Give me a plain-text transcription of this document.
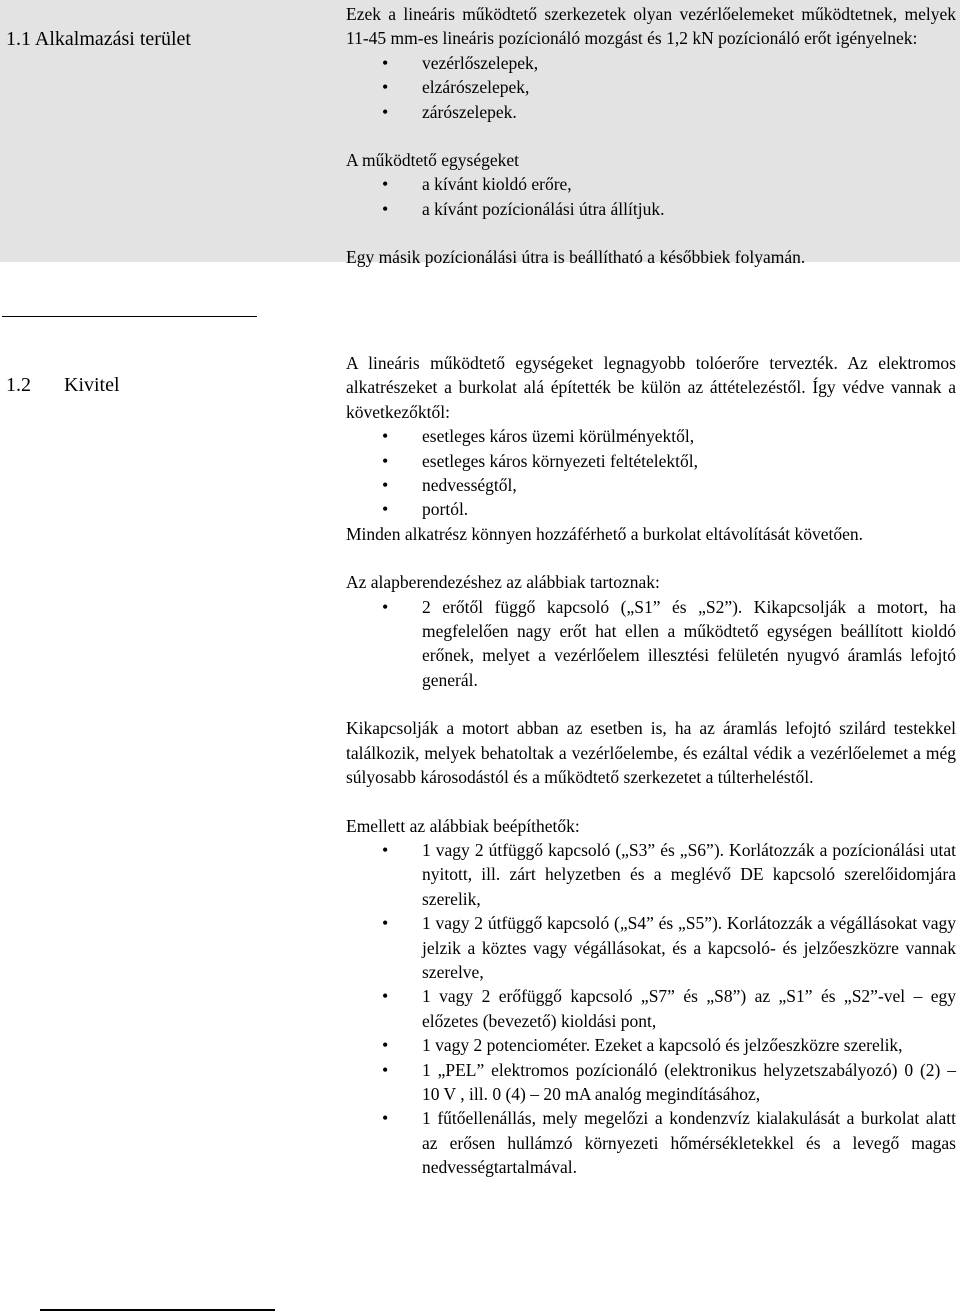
1.1 Alkalmazási terület

Ezek a lineáris működtető szerkezetek olyan vezérlőelemeket működtetnek, melyek 11-45 mm-es lineáris pozícionáló mozgást és 1,2 kN pozícionáló erőt igényelnek:

• vezérlőszelepek,
• elzárószelepek,
• zárószelepek.

A működtető egységeket

• a kívánt kioldó erőre,
• a kívánt pozícionálási útra állítjuk.

Egy másik pozícionálási útra is beállítható a későbbiek folyamán.

1.2 Kivitel

A lineáris működtető egységeket legnagyobb tolóerőre tervezték. Az elektromos alkatrészeket a burkolat alá építették be külön az áttételezéstől. Így védve vannak a következőktől:

• esetleges káros üzemi körülményektől,
• esetleges káros környezeti feltételektől,
• nedvességtől,
• portól.

Minden alkatrész könnyen hozzáférhető a burkolat eltávolítását követően.

Az alapberendezéshez az alábbiak tartoznak:

• 2 erőtől függő kapcsoló („S1” és „S2”). Kikapcsolják a motort, ha megfelelően nagy erőt hat ellen a működtető egységen beállított kioldó erőnek, melyet a vezérlőelem illesztési felületén nyugvó áramlás lefojtó generál.

Kikapcsolják a motort abban az esetben is, ha az áramlás lefojtó szilárd testekkel találkozik, melyek behatoltak a vezérlőelembe, és ezáltal védik a vezérlőelemet a még súlyosabb károsodástól és a működtető szerkezetet a túlterheléstől.

Emellett az alábbiak beépíthetők:

• 1 vagy 2 útfüggő kapcsoló („S3” és „S6”). Korlátozzák a pozícionálási utat nyitott, ill. zárt helyzetben és a meglévő DE kapcsoló szerelőidomjára szerelik,
• 1 vagy 2 útfüggő kapcsoló („S4” és „S5”). Korlátozzák a végállásokat vagy jelzik a köztes vagy végállásokat, és a kapcsoló- és jelzőeszközre vannak szerelve,
• 1 vagy 2 erőfüggő kapcsoló „S7” és „S8”) az „S1” és „S2”-vel – egy előzetes (bevezető) kioldási pont,
• 1 vagy 2 potenciométer. Ezeket a kapcsoló és jelzőeszközre szerelik,
• 1 „PEL” elektromos pozícionáló (elektronikus helyzetszabályozó) 0 (2) – 10 V , ill. 0 (4) – 20 mA analóg megindításához,
• 1 fűtőellenállás, mely megelőzi a kondenzvíz kialakulását a burkolat alatt az erősen hullámzó környezeti hőmérsékletekkel és a levegő magas nedvességtartalmával.
